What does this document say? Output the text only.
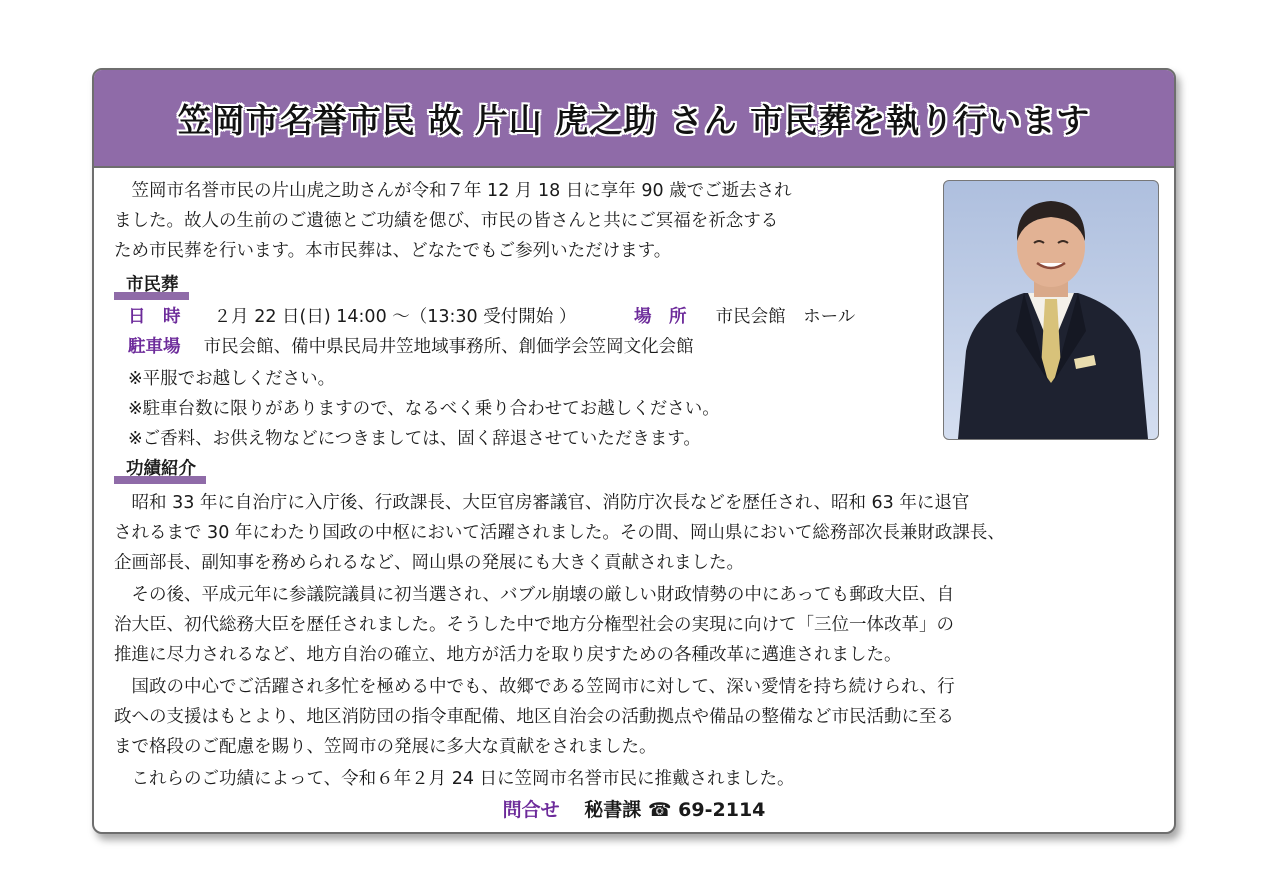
笠岡市名誉市民 故 片山 虎之助 さん 市民葬を執り行います
　笠岡市名誉市民の片山虎之助さんが令和７年 12 月 18 日に享年 90 歳でご逝去され
ました。故人の生前のご遺徳とご功績を偲び、市民の皆さんと共にご冥福を祈念する
ため市民葬を行います。本市民葬は、どなたでもご参列いただけます。
市民葬
日　時 ２月 22 日(日) 14:00 ～（13:30 受付開始 ）	場　所 市民会館　ホール
駐車場 市民会館、備中県民局井笠地域事務所、創価学会笠岡文化会館
※平服でお越しください。
※駐車台数に限りがありますので、なるべく乗り合わせてお越しください。
※ご香料、お供え物などにつきましては、固く辞退させていただきます。
功績紹介
　昭和 33 年に自治庁に入庁後、行政課長、大臣官房審議官、消防庁次長などを歴任され、昭和 63 年に退官
されるまで 30 年にわたり国政の中枢において活躍されました。その間、岡山県において総務部次長兼財政課長、
企画部長、副知事を務められるなど、岡山県の発展にも大きく貢献されました。
　その後、平成元年に参議院議員に初当選され、バブル崩壊の厳しい財政情勢の中にあっても郵政大臣、自
治大臣、初代総務大臣を歴任されました。そうした中で地方分権型社会の実現に向けて「三位一体改革」の
推進に尽力されるなど、地方自治の確立、地方が活力を取り戻すための各種改革に邁進されました。
　国政の中心でご活躍され多忙を極める中でも、故郷である笠岡市に対して、深い愛情を持ち続けられ、行
政への支援はもとより、地区消防団の指令車配備、地区自治会の活動拠点や備品の整備など市民活動に至る
まで格段のご配慮を賜り、笠岡市の発展に多大な貢献をされました。
　これらのご功績によって、令和６年２月 24 日に笠岡市名誉市民に推戴されました。
問合せ 秘書課 ☎ 69-2114
